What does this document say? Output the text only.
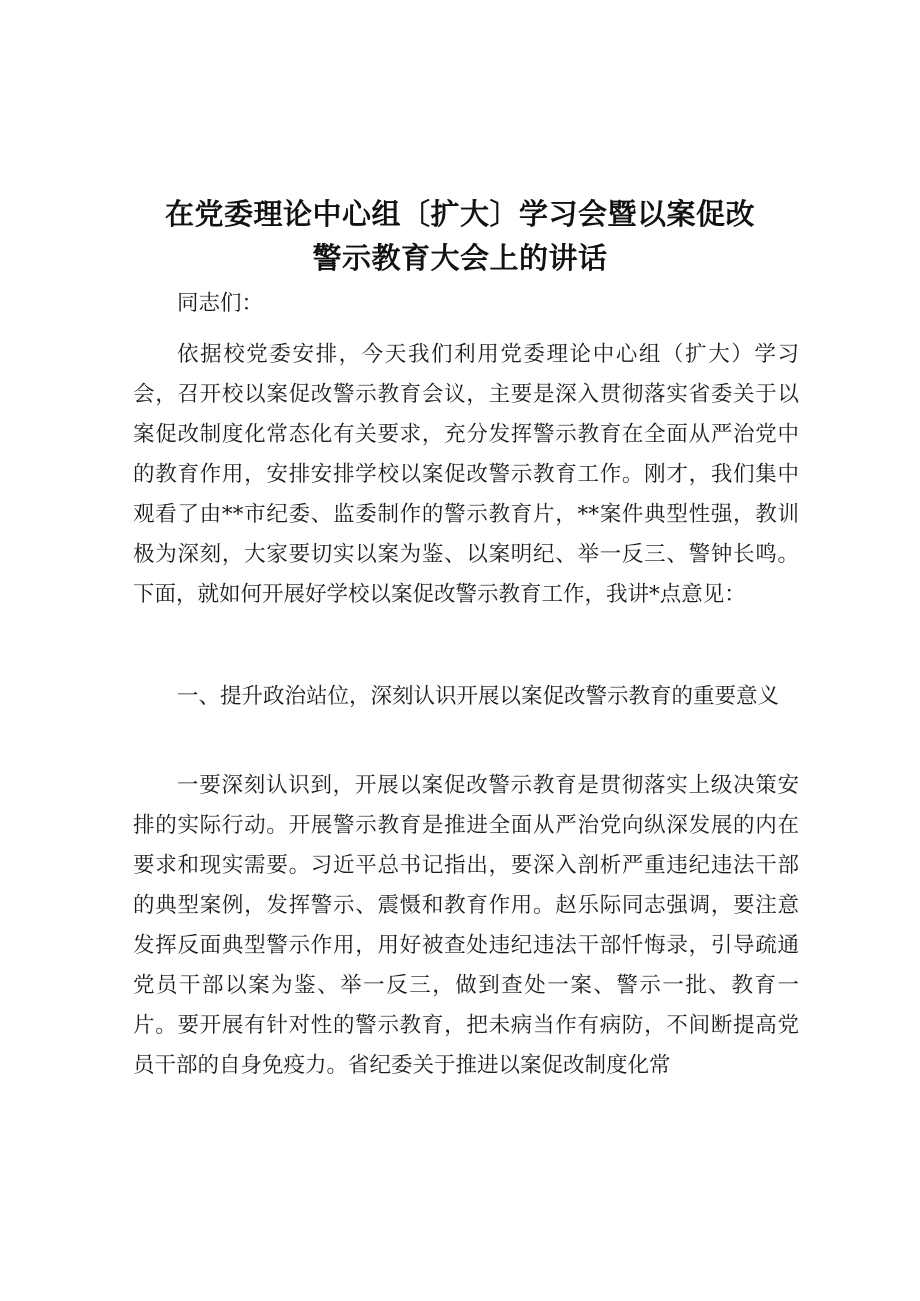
在党委理论中心组〔扩大〕学习会暨以案促改
警示教育大会上的讲话

同志们：

依据校党委安排，今天我们利用党委理论中心组（扩大）学习会，召开校以案促改警示教育会议，主要是深入贯彻落实省委关于以案促改制度化常态化有关要求，充分发挥警示教育在全面从严治党中的教育作用，安排安排学校以案促改警示教育工作。刚才，我们集中观看了由**市纪委、监委制作的警示教育片，**案件典型性强，教训极为深刻，大家要切实以案为鉴、以案明纪、举一反三、警钟长鸣。下面，就如何开展好学校以案促改警示教育工作，我讲*点意见：

一、提升政治站位，深刻认识开展以案促改警示教育的重要意义

一要深刻认识到，开展以案促改警示教育是贯彻落实上级决策安排的实际行动。开展警示教育是推进全面从严治党向纵深发展的内在要求和现实需要。习近平总书记指出，要深入剖析严重违纪违法干部的典型案例，发挥警示、震慑和教育作用。赵乐际同志强调，要注意发挥反面典型警示作用，用好被查处违纪违法干部忏悔录，引导疏通党员干部以案为鉴、举一反三，做到查处一案、警示一批、教育一片。要开展有针对性的警示教育，把未病当作有病防，不间断提高党员干部的自身免疫力。省纪委关于推进以案促改制度化常
